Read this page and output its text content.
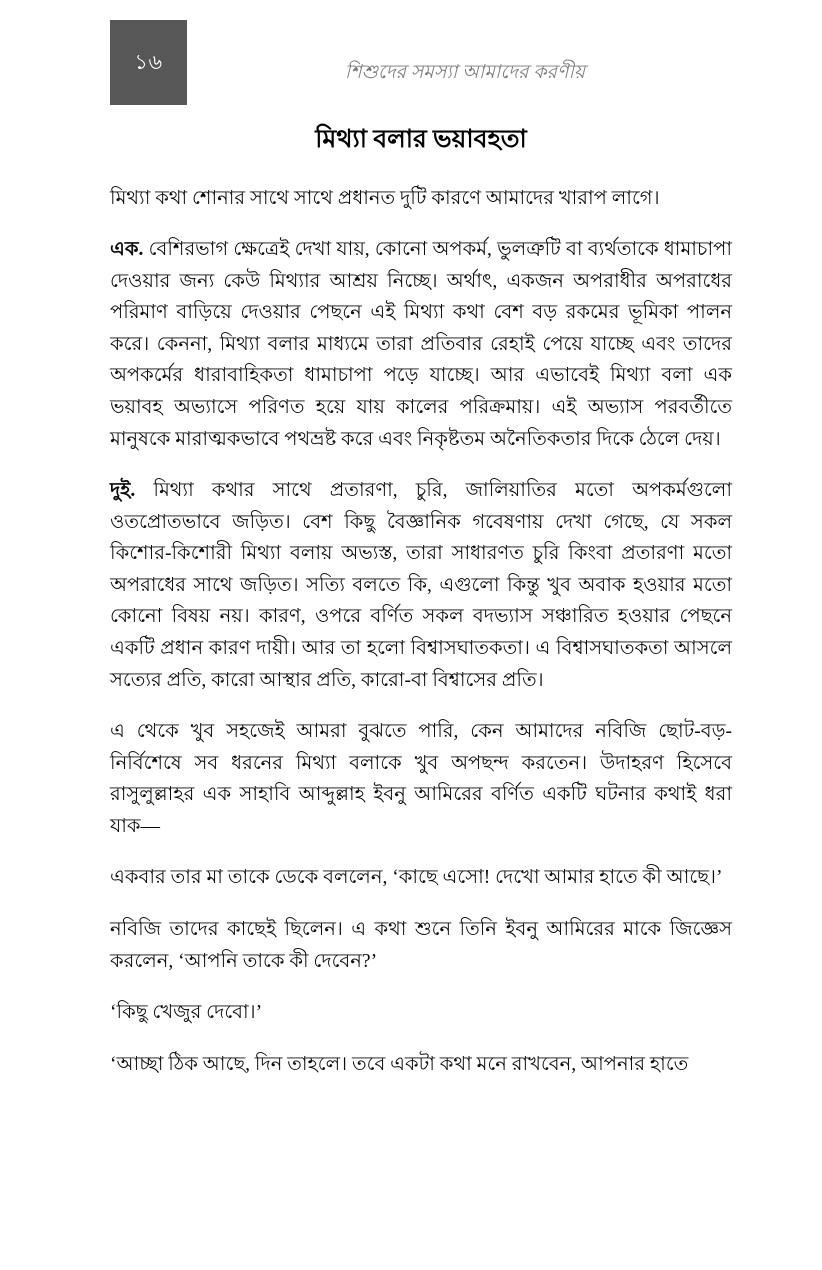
১৬	শিশুদের সমস্যা আমাদের করণীয়
মিথ্যা বলার ভয়াবহতা

মিথ্যা কথা শোনার সাথে সাথে প্রধানত দুটি কারণে আমাদের খারাপ লাগে।

এক. বেশিরভাগ ক্ষেত্রেই দেখা যায়, কোনো অপকর্ম, ভুলত্রুটি বা ব্যর্থতাকে ধামাচাপা দেওয়ার জন্য কেউ মিথ্যার আশ্রয় নিচ্ছে। অর্থাৎ, একজন অপরাধীর অপরাধের পরিমাণ বাড়িয়ে দেওয়ার পেছনে এই মিথ্যা কথা বেশ বড় রকমের ভূমিকা পালন করে। কেননা, মিথ্যা বলার মাধ্যমে তারা প্রতিবার রেহাই পেয়ে যাচ্ছে এবং তাদের অপকর্মের ধারাবাহিকতা ধামাচাপা পড়ে যাচ্ছে। আর এভাবেই মিথ্যা বলা এক ভয়াবহ অভ্যাসে পরিণত হয়ে যায় কালের পরিক্রমায়। এই অভ্যাস পরবর্তীতে মানুষকে মারাত্মকভাবে পথভ্রষ্ট করে এবং নিকৃষ্টতম অনৈতিকতার দিকে ঠেলে দেয়।

দুই. মিথ্যা কথার সাথে প্রতারণা, চুরি, জালিয়াতির মতো অপকর্মগুলো ওতপ্রোতভাবে জড়িত। বেশ কিছু বৈজ্ঞানিক গবেষণায় দেখা গেছে, যে সকল কিশোর-কিশোরী মিথ্যা বলায় অভ্যস্ত, তারা সাধারণত চুরি কিংবা প্রতারণা মতো অপরাধের সাথে জড়িত। সত্যি বলতে কি, এগুলো কিন্তু খুব অবাক হওয়ার মতো কোনো বিষয় নয়। কারণ, ওপরে বর্ণিত সকল বদভ্যাস সঞ্চারিত হওয়ার পেছনে একটি প্রধান কারণ দায়ী। আর তা হলো বিশ্বাসঘাতকতা। এ বিশ্বাসঘাতকতা আসলে সত্যের প্রতি, কারো আস্থার প্রতি, কারো-বা বিশ্বাসের প্রতি।

এ থেকে খুব সহজেই আমরা বুঝতে পারি, কেন আমাদের নবিজি ছোট-বড়-নির্বিশেষে সব ধরনের মিথ্যা বলাকে খুব অপছন্দ করতেন। উদাহরণ হিসেবে রাসুলুল্লাহর এক সাহাবি আব্দুল্লাহ ইবনু আমিরের বর্ণিত একটি ঘটনার কথাই ধরা যাক—

একবার তার মা তাকে ডেকে বললেন, ‘কাছে এসো! দেখো আমার হাতে কী আছে।’

নবিজি তাদের কাছেই ছিলেন। এ কথা শুনে তিনি ইবনু আমিরের মাকে জিজ্ঞেস করলেন, ‘আপনি তাকে কী দেবেন?’

‘কিছু খেজুর দেবো।’

‘আচ্ছা ঠিক আছে, দিন তাহলে। তবে একটা কথা মনে রাখবেন, আপনার হাতে
